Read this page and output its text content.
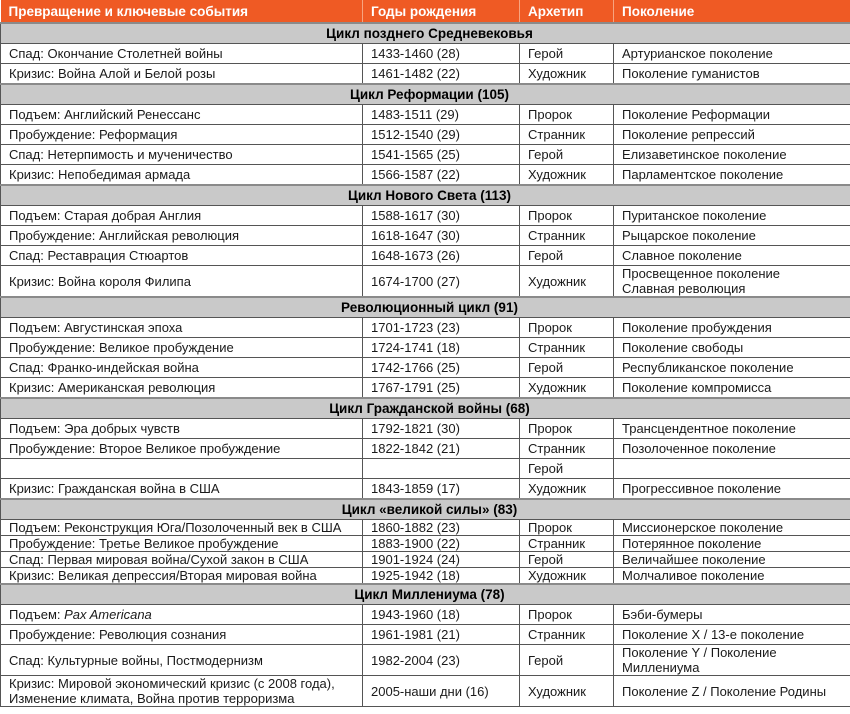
Превращение и ключевые события	Годы рождения	Архетип	Поколение
Цикл позднего Средневековья			
Спад: Окончание Столетней войны	1433-1460 (28)	Герой	Артурианское поколение
Кризис: Война Алой и Белой розы	1461-1482 (22)	Художник	Поколение гуманистов
Цикл Реформации (105)			
Подъем: Английский Ренессанс	1483-1511 (29)	Пророк	Поколение Реформации
Пробуждение: Реформация	1512-1540 (29)	Странник	Поколение репрессий
Спад: Нетерпимость и мученичество	1541-1565 (25)	Герой	Елизаветинское поколение
Кризис: Непобедимая армада	1566-1587 (22)	Художник	Парламентское поколение
Цикл Нового Света (113)			
Подъем: Старая добрая Англия	1588-1617 (30)	Пророк	Пуританское поколение
Пробуждение: Английская революция	1618-1647 (30)	Странник	Рыцарское поколение
Спад: Реставрация Стюартов	1648-1673 (26)	Герой	Славное поколение
Кризис: Война короля Филипа	1674-1700 (27)	Художник	Просвещенное поколение
Славная революция
Революционный цикл (91)			
Подъем: Августинская эпоха	1701-1723 (23)	Пророк	Поколение пробуждения
Пробуждение: Великое пробуждение	1724-1741 (18)	Странник	Поколение свободы
Спад: Франко-индейская война	1742-1766 (25)	Герой	Республиканское поколение
Кризис: Американская революция	1767-1791 (25)	Художник	Поколение компромисса
Цикл Гражданской войны (68)			
Подъем: Эра добрых чувств	1792-1821 (30)	Пророк	Трансцендентное поколение
Пробуждение: Второе Великое пробуждение	1822-1842 (21)	Странник	Позолоченное поколение
		Герой	
Кризис: Гражданская война в США	1843-1859 (17)	Художник	Прогрессивное поколение
Цикл «великой силы» (83)			
Подъем: Реконструкция Юга/Позолоченный век в США	1860-1882 (23)	Пророк	Миссионерское поколение
Пробуждение: Третье Великое пробуждение	1883-1900 (22)	Странник	Потерянное поколение
Спад: Первая мировая война/Сухой закон в США	1901-1924 (24)	Герой	Величайшее поколение
Кризис: Великая депрессия/Вторая мировая война	1925-1942 (18)	Художник	Молчаливое поколение
Цикл Миллениума (78)			
Подъем: Pax Americana	1943-1960 (18)	Пророк	Бэби-бумеры
Пробуждение: Революция сознания	1961-1981 (21)	Странник	Поколение X / 13-е поколение
Спад: Культурные войны, Постмодернизм	1982-2004 (23)	Герой	Поколение Y / Поколение
Миллениума
Кризис: Мировой экономический кризис (с 2008 года),
Изменение климата, Война против терроризма	2005-наши дни (16)	Художник	Поколение Z / Поколение Родины
